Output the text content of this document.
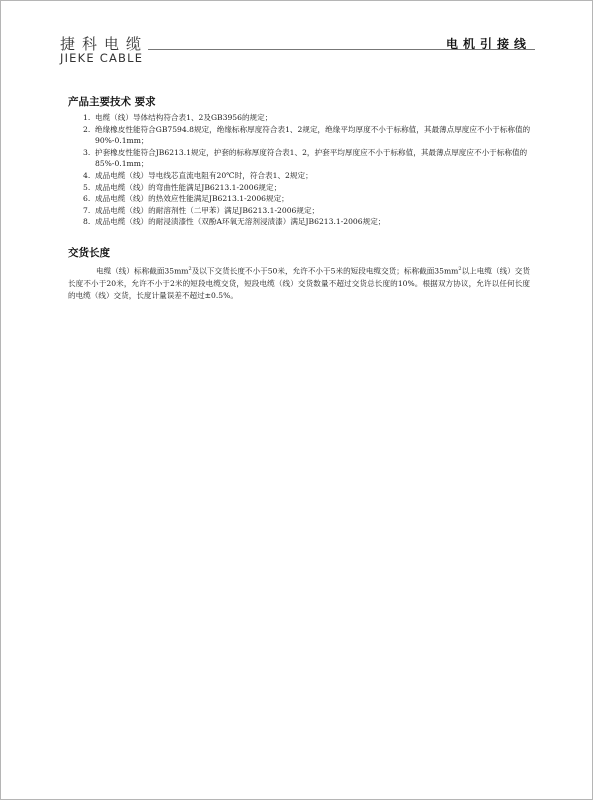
捷科电缆
JIEKE CABLE
电机引接线
产品主要技术 要求
1. 电缆（线）导体结构符合表1、2及GB3956的规定；
2. 绝缘橡皮性能符合GB7594.8规定，绝缘标称厚度符合表1、2规定，绝缘平均厚度不小于标称值，其最薄点厚度应不小于标称值的90%-0.1mm；
3. 护套橡皮性能符合JB6213.1规定，护套的标称厚度符合表1、2，护套平均厚度应不小于标称值，其最薄点厚度应不小于标称值的85%-0.1mm；
4. 成品电缆（线）导电线芯直流电阻有20℃时，符合表1、2规定；
5. 成品电缆（线）的弯曲性能满足JB6213.1-2006规定；
6. 成品电缆（线）的热效应性能满足JB6213.1-2006规定；
7. 成品电缆（线）的耐溶剂性（二甲苯）满足JB6213.1-2006规定；
8. 成品电缆（线）的耐浸渍漆性（双酚A环氧无溶剂浸渍漆）满足JB6213.1-2006规定；
交货长度

电缆（线）标称截面$35mm^2$及以下交货长度不小于50米，允许不小于5米的短段电缆交货；标称截面$35mm^2$以上电缆（线）交货长度不小于20米，允许不小于2米的短段电缆交货，短段电缆（线）交货数量不超过交货总长度的10%。根据双方协议，允许以任何长度的电缆（线）交货，长度计量误差不超过±0.5%。
